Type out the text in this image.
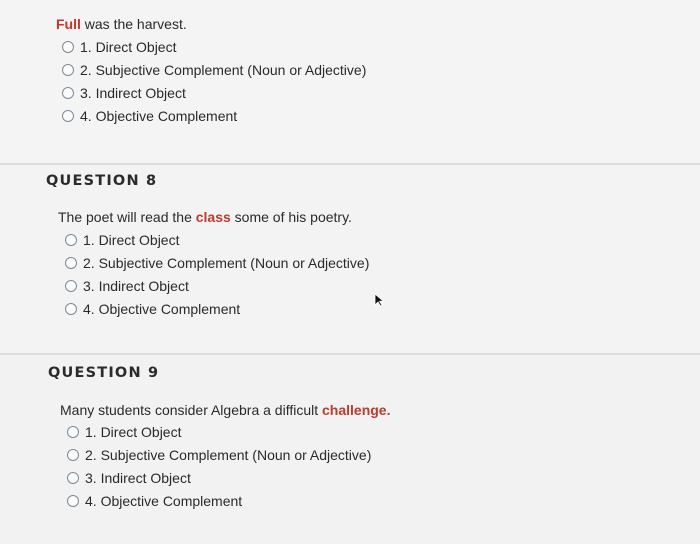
Full was the harvest.
1. Direct Object
2. Subjective Complement (Noun or Adjective)
3. Indirect Object
4. Objective Complement
QUESTION 8
The poet will read the class some of his poetry.
1. Direct Object
2. Subjective Complement (Noun or Adjective)
3. Indirect Object
4. Objective Complement
QUESTION 9
Many students consider Algebra a difficult challenge.
1. Direct Object
2. Subjective Complement (Noun or Adjective)
3. Indirect Object
4. Objective Complement
